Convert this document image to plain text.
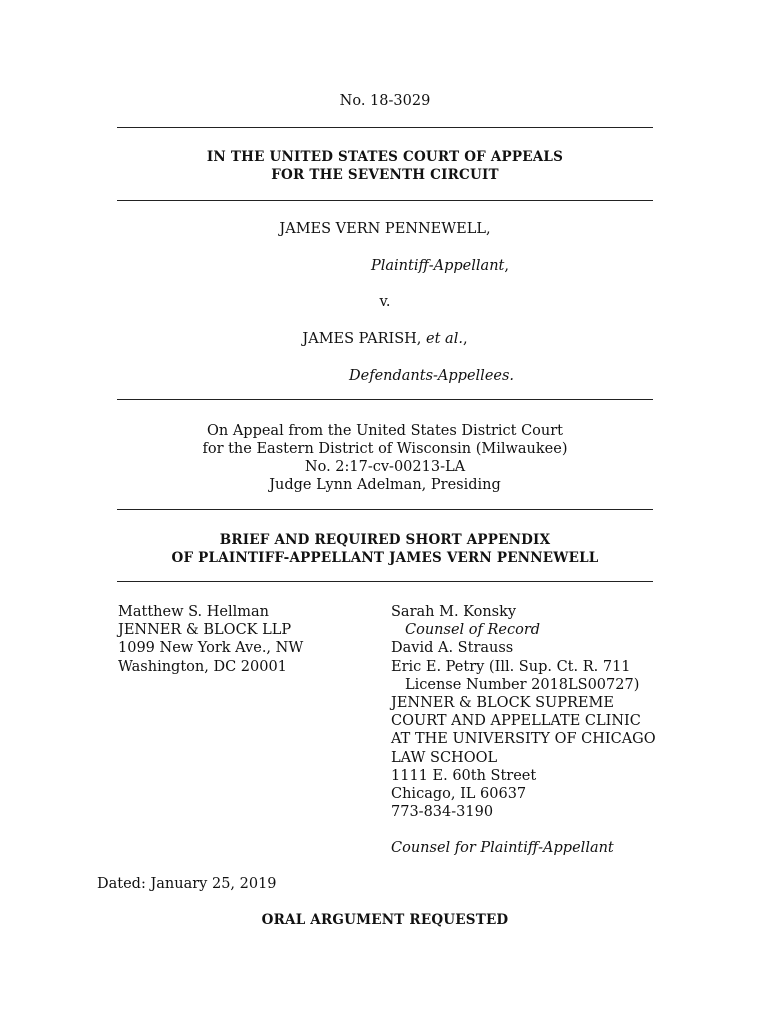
No. 18-3029
IN THE UNITED STATES COURT OF APPEALS
FOR THE SEVENTH CIRCUIT
JAMES VERN PENNEWELL,
Plaintiff-Appellant,
v.
JAMES PARISH, et al.,
Defendants-Appellees.
On Appeal from the United States District Court
for the Eastern District of Wisconsin (Milwaukee)
No. 2:17-cv-00213-LA
Judge Lynn Adelman, Presiding
BRIEF AND REQUIRED SHORT APPENDIX
OF PLAINTIFF-APPELLANT JAMES VERN PENNEWELL
Matthew S. Hellman
JENNER & BLOCK LLP
1099 New York Ave., NW
Washington, DC 20001
Sarah M. Konsky
Counsel of Record
David A. Strauss
Eric E. Petry (Ill. Sup. Ct. R. 711
License Number 2018LS00727)
JENNER & BLOCK SUPREME
COURT AND APPELLATE CLINIC
AT THE UNIVERSITY OF CHICAGO
LAW SCHOOL
1111 E. 60th Street
Chicago, IL 60637
773-834-3190
Counsel for Plaintiff-Appellant
Dated: January 25, 2019
ORAL ARGUMENT REQUESTED
